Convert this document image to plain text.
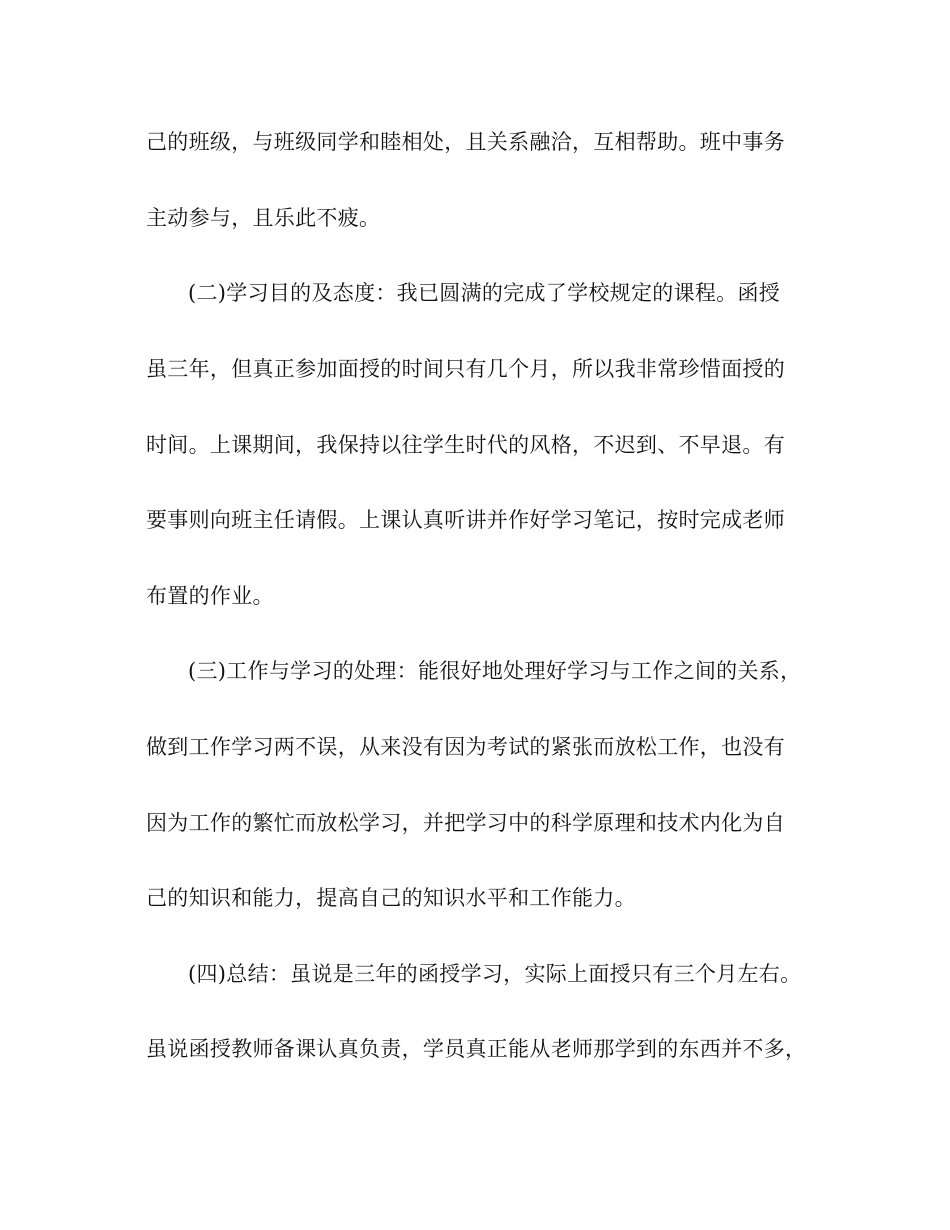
己的班级，与班级同学和睦相处，且关系融洽，互相帮助。班中事务
主动参与，且乐此不疲。
(二)学习目的及态度：我已圆满的完成了学校规定的课程。函授
虽三年，但真正参加面授的时间只有几个月，所以我非常珍惜面授的
时间。上课期间，我保持以往学生时代的风格，不迟到、不早退。有
要事则向班主任请假。上课认真听讲并作好学习笔记，按时完成老师
布置的作业。
(三)工作与学习的处理：能很好地处理好学习与工作之间的关系，
做到工作学习两不误，从来没有因为考试的紧张而放松工作，也没有
因为工作的繁忙而放松学习，并把学习中的科学原理和技术内化为自
己的知识和能力，提高自己的知识水平和工作能力。
(四)总结：虽说是三年的函授学习，实际上面授只有三个月左右。
虽说函授教师备课认真负责，学员真正能从老师那学到的东西并不多，
